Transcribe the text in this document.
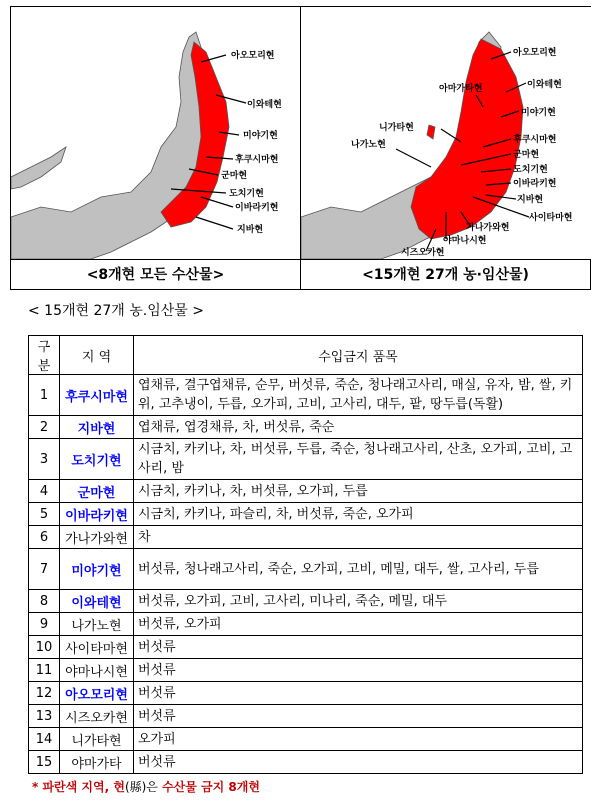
아오모리현
이와테현
미야기현
후쿠시마현
군마현
도치기현
이바라키현
지바현
아오모리현
아마가타현	이와테현
미야기현
니가타현
나가노현	후쿠시마현
군마현
도치기현
이바라키현
지바현
사이타마현
가나가와현
야마나시현
시즈오카현
<8개현 모든 수산물>	<15개현 27개 농·임산물)
< 15개현 27개 농.임산물 >
구분	지 역	수입금지 품목
1	후쿠시마현	엽채류, 결구엽채류, 순무, 버섯류, 죽순, 청나래고사리, 매실, 유자, 밤, 쌀, 키위, 고추냉이, 두릅, 오가피, 고비, 고사리, 대두, 팥, 땅두릅(독활)
2	지바현	엽채류, 엽경채류, 차, 버섯류, 죽순
3	도치기현	시금치, 카키나, 차, 버섯류, 두릅, 죽순, 청나래고사리, 산초, 오가피, 고비, 고사리, 밤
4	군마현	시금치, 카키나, 차, 버섯류, 오가피, 두릅
5	이바라키현	시금치, 카키나, 파슬리, 차, 버섯류, 죽순, 오가피
6	가나가와현	차
7	미야기현	버섯류, 청나래고사리, 죽순, 오가피, 고비, 메밀, 대두, 쌀, 고사리, 두릅
8	이와테현	버섯류, 오가피, 고비, 고사리, 미나리, 죽순, 메밀, 대두
9	나가노현	버섯류, 오가피
10	사이타마현	버섯류
11	야마나시현	버섯류
12	아오모리현	버섯류
13	시즈오카현	버섯류
14	니가타현	오가피
15	야마가타	버섯류
* 파란색 지역, 현(縣)은 수산물 금지 8개현
